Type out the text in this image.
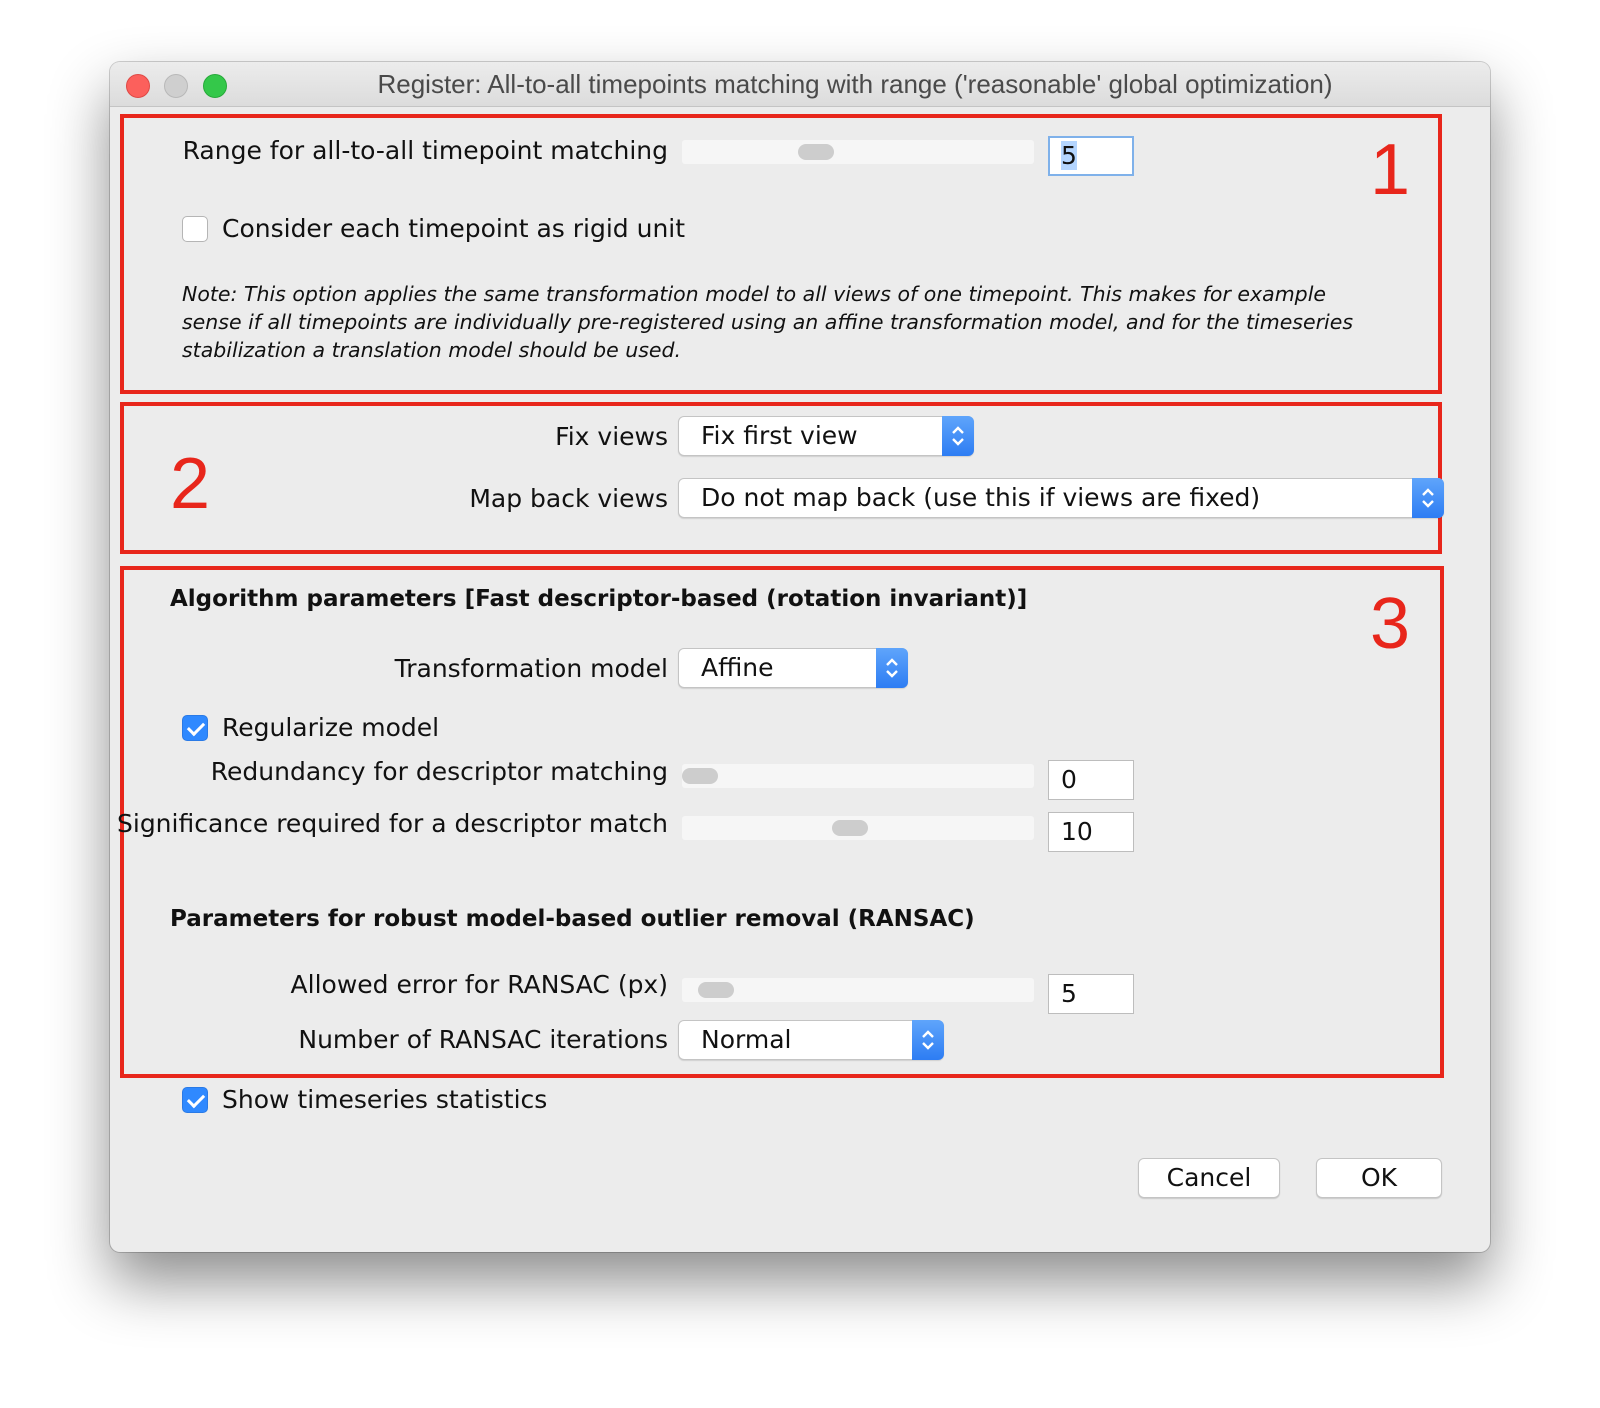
Register: All-to-all timepoints matching with range ('reasonable' global optimization)
1
Range for all-to-all timepoint matching	5
Consider each timepoint as rigid unit
Note: This option applies the same transformation model to all views of one timepoint. This makes for example sense if all timepoints are individually pre-registered using an affine transformation model, and for the timeseries stabilization a translation model should be used.
2
Fix views Fix first view
Map back views Do not map back (use this if views are fixed)
3
Algorithm parameters [Fast descriptor-based (rotation invariant)]
Transformation model Affine
Regularize model
Redundancy for descriptor matching	0
Significance required for a descriptor match	10
Parameters for robust model-based outlier removal (RANSAC)
Allowed error for RANSAC (px)	5
Number of RANSAC iterations Normal
Show timeseries statistics
Cancel	OK
